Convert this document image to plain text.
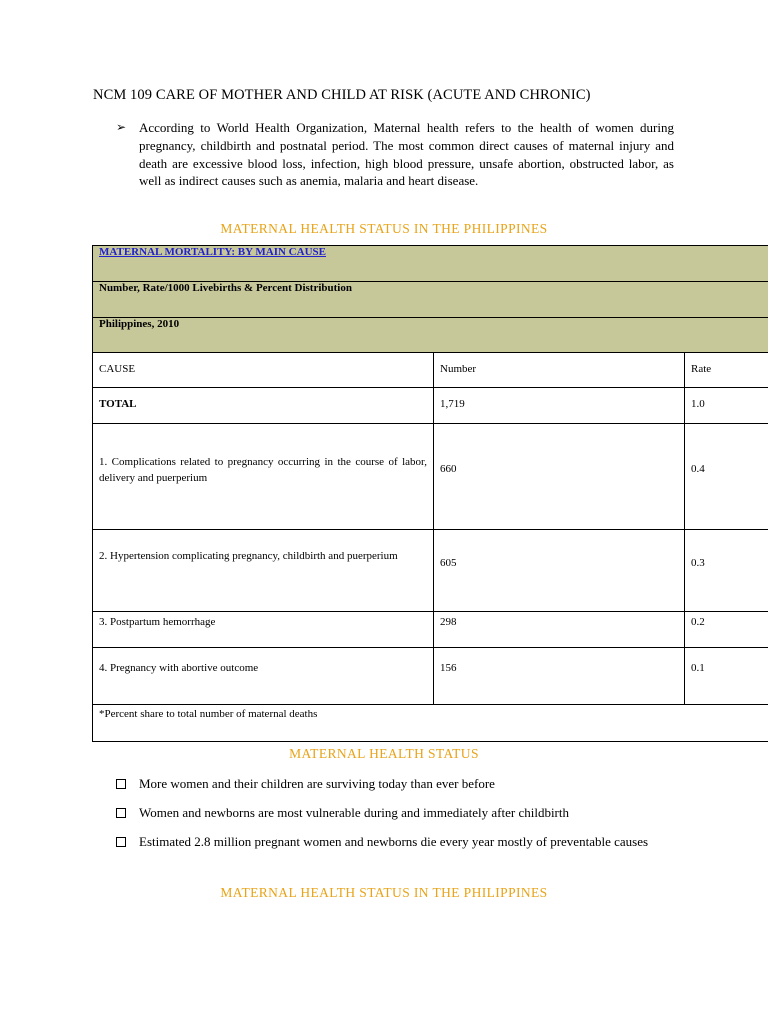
NCM 109 CARE OF MOTHER AND CHILD AT RISK (ACUTE AND CHRONIC)
➢ According to World Health Organization, Maternal health refers to the health of women during pregnancy, childbirth and postnatal period. The most common direct causes of maternal injury and death are excessive blood loss, infection, high blood pressure, unsafe abortion, obstructed labor, as well as indirect causes such as anemia, malaria and heart disease.

MATERNAL HEALTH STATUS IN THE PHILIPPINES
MATERNAL MORTALITY: BY MAIN CAUSE		
Number, Rate/1000 Livebirths & Percent Distribution		
Philippines, 2010		
CAUSE	Number	Rate
TOTAL	1,719	1.0
1. Complications related to pregnancy occurring in the course of labor, delivery and puerperium	660	0.4
2. Hypertension complicating pregnancy, childbirth and puerperium	605	0.3
3. Postpartum hemorrhage	298	0.2
4. Pregnancy with abortive outcome	156	0.1
*Percent share to total number of maternal deaths		
MATERNAL HEALTH STATUS
More women and their children are surviving today than ever before
Women and newborns are most vulnerable during and immediately after childbirth
Estimated 2.8 million pregnant women and newborns die every year mostly of preventable causes
MATERNAL HEALTH STATUS IN THE PHILIPPINES
